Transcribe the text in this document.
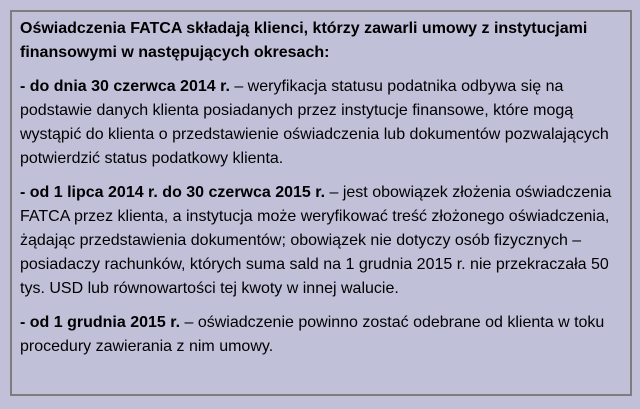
Oświadczenia FATCA składają klienci, którzy zawarli umowy z instytucjami finansowymi w następujących okresach:

- do dnia 30 czerwca 2014 r. – weryfikacja statusu podatnika odbywa się na podstawie danych klienta posiadanych przez instytucje finansowe, które mogą wystąpić do klienta o przedstawienie oświadczenia lub dokumentów pozwalających potwierdzić status podatkowy klienta.

- od 1 lipca 2014 r. do 30 czerwca 2015 r. – jest obowiązek złożenia oświadczenia FATCA przez klienta, a instytucja może weryfikować treść złożonego oświadczenia, żądając przedstawienia dokumentów; obowiązek nie dotyczy osób fizycznych – posiadaczy rachunków, których suma sald na 1 grudnia 2015 r. nie przekraczała 50 tys. USD lub równowartości tej kwoty w innej walucie.

- od 1 grudnia 2015 r. – oświadczenie powinno zostać odebrane od klienta w toku procedury zawierania z nim umowy.
